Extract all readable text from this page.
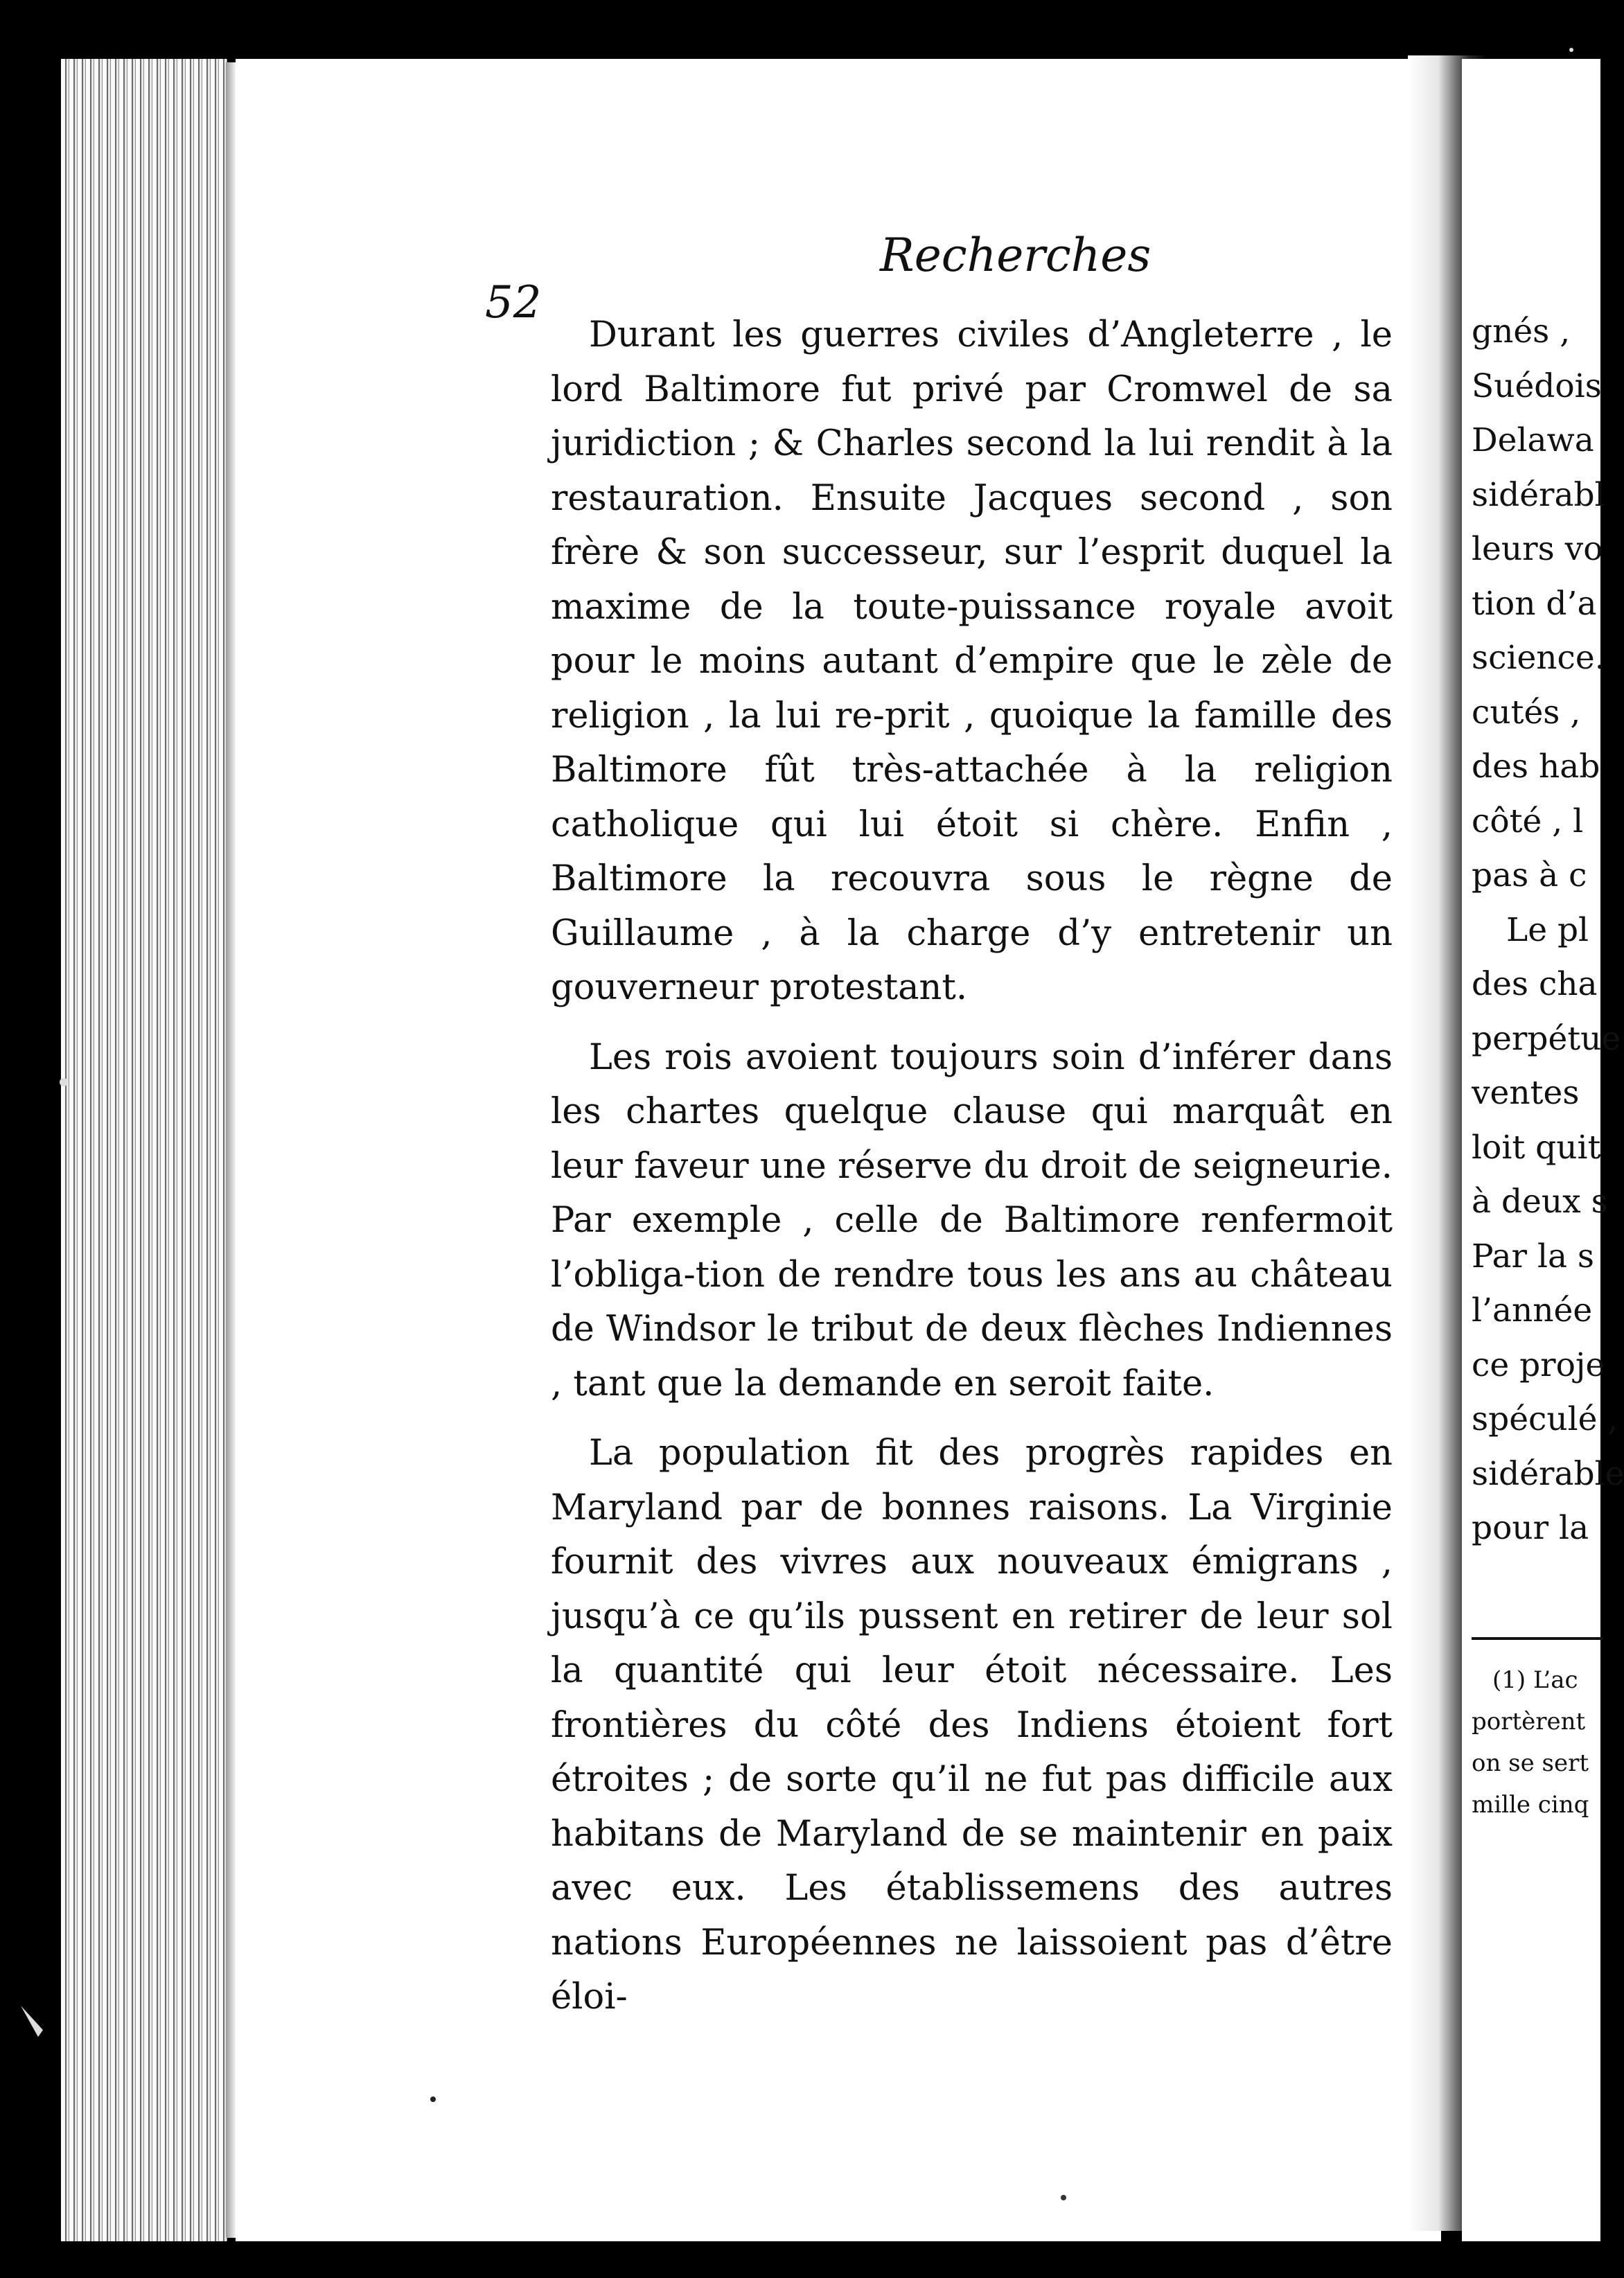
gnés ,
Suédois
Delawa
sidérabl
leurs vo
tion d’a
science.
cutés ,
des hab
côté , l
pas à c
Le pl
des cha
perpétue
ventes
loit quit
à deux s
Par la s
l’année
ce proje
spéculé ,
sidérable
pour la
(1) L’ac
portèrent
on se sert
mille cinq
52
Recherches

Durant les guerres civiles d’Angleterre , le lord Baltimore fut privé par Cromwel de sa juridiction ; & Charles second la lui rendit à la restauration. Ensuite Jacques second , son frère & son successeur, sur l’esprit duquel la maxime de la toute-puissance royale avoit pour le moins autant d’empire que le zèle de religion , la lui re-prit , quoique la famille des Baltimore fût très-attachée à la religion catholique qui lui étoit si chère. Enfin , Baltimore la recouvra sous le règne de Guillaume , à la charge d’y entretenir un gouverneur protestant.

Les rois avoient toujours soin d’inférer dans les chartes quelque clause qui marquât en leur faveur une réserve du droit de seigneurie. Par exemple , celle de Baltimore renfermoit l’obliga-tion de rendre tous les ans au château de Windsor le tribut de deux flèches Indiennes , tant que la demande en seroit faite.

La population fit des progrès rapides en Maryland par de bonnes raisons. La Virginie fournit des vivres aux nouveaux émigrans , jusqu’à ce qu’ils pussent en retirer de leur sol la quantité qui leur étoit nécessaire. Les frontières du côté des Indiens étoient fort étroites ; de sorte qu’il ne fut pas difficile aux habitans de Maryland de se maintenir en paix avec eux. Les établissemens des autres nations Européennes ne laissoient pas d’être éloi-
